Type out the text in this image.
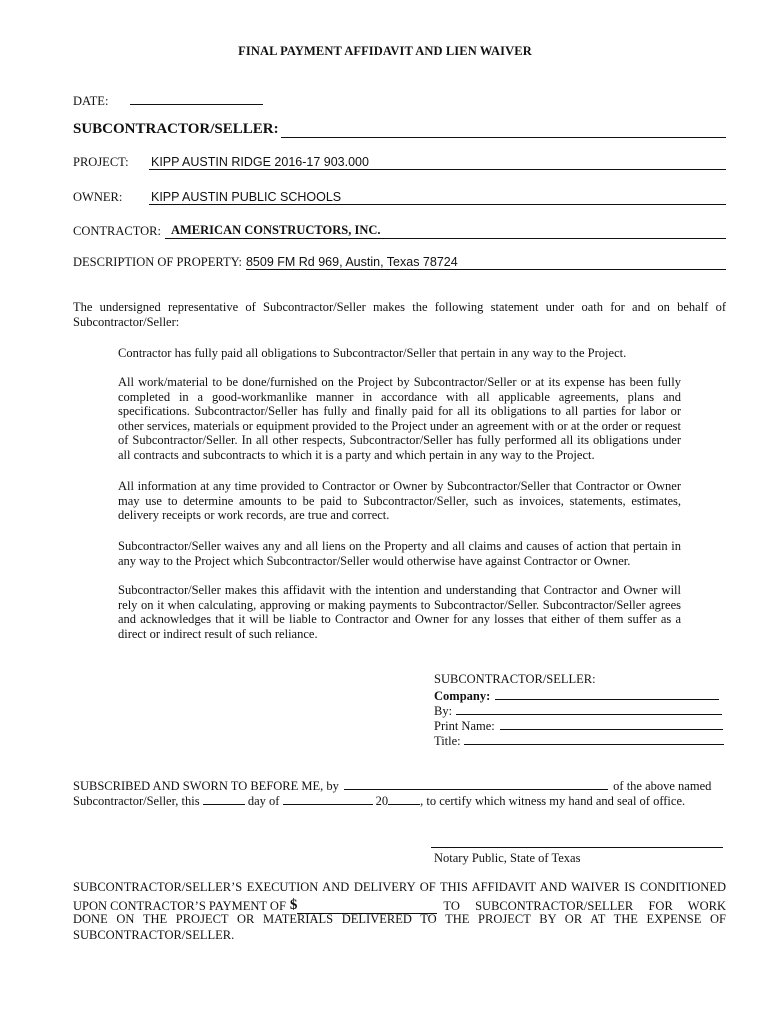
FINAL PAYMENT AFFIDAVIT AND LIEN WAIVER
DATE:
SUBCONTRACTOR/SELLER:
PROJECT:	KIPP AUSTIN RIDGE 2016-17 903.000
OWNER:	KIPP AUSTIN PUBLIC SCHOOLS
CONTRACTOR: AMERICAN CONSTRUCTORS, INC.
DESCRIPTION OF PROPERTY: 8509 FM Rd 969, Austin, Texas 78724
The undersigned representative of Subcontractor/Seller makes the following statement under oath for and on behalf of Subcontractor/Seller:
Contractor has fully paid all obligations to Subcontractor/Seller that pertain in any way to the Project.
All work/material to be done/furnished on the Project by Subcontractor/Seller or at its expense has been fully completed in a good-workmanlike manner in accordance with all applicable agreements, plans and specifications. Subcontractor/Seller has fully and finally paid for all its obligations to all parties for labor or other services, materials or equipment provided to the Project under an agreement with or at the order or request of Subcontractor/Seller. In all other respects, Subcontractor/Seller has fully performed all its obligations under all contracts and subcontracts to which it is a party and which pertain in any way to the Project.
All information at any time provided to Contractor or Owner by Subcontractor/Seller that Contractor or Owner may use to determine amounts to be paid to Subcontractor/Seller, such as invoices, statements, estimates, delivery receipts or work records, are true and correct.
Subcontractor/Seller waives any and all liens on the Property and all claims and causes of action that pertain in any way to the Project which Subcontractor/Seller would otherwise have against Contractor or Owner.
Subcontractor/Seller makes this affidavit with the intention and understanding that Contractor and Owner will rely on it when calculating, approving or making payments to Subcontractor/Seller. Subcontractor/Seller agrees and acknowledges that it will be liable to Contractor and Owner for any losses that either of them suffer as a direct or indirect result of such reliance.
SUBCONTRACTOR/SELLER:
Company:
By:
Print Name:
Title:
SUBSCRIBED AND SWORN TO BEFORE ME, by	of the above named
Subcontractor/Seller, this	day of	20	, to certify which witness my hand and seal of office.
Notary Public, State of Texas
SUBCONTRACTOR/SELLER’S EXECUTION AND DELIVERY OF THIS AFFIDAVIT AND WAIVER IS CONDITIONED
UPON CONTRACTOR’S PAYMENT OF $	TO SUBCONTRACTOR/SELLER FOR WORK
DONE ON THE PROJECT OR MATERIALS DELIVERED TO THE PROJECT BY OR AT THE EXPENSE OF
SUBCONTRACTOR/SELLER.
